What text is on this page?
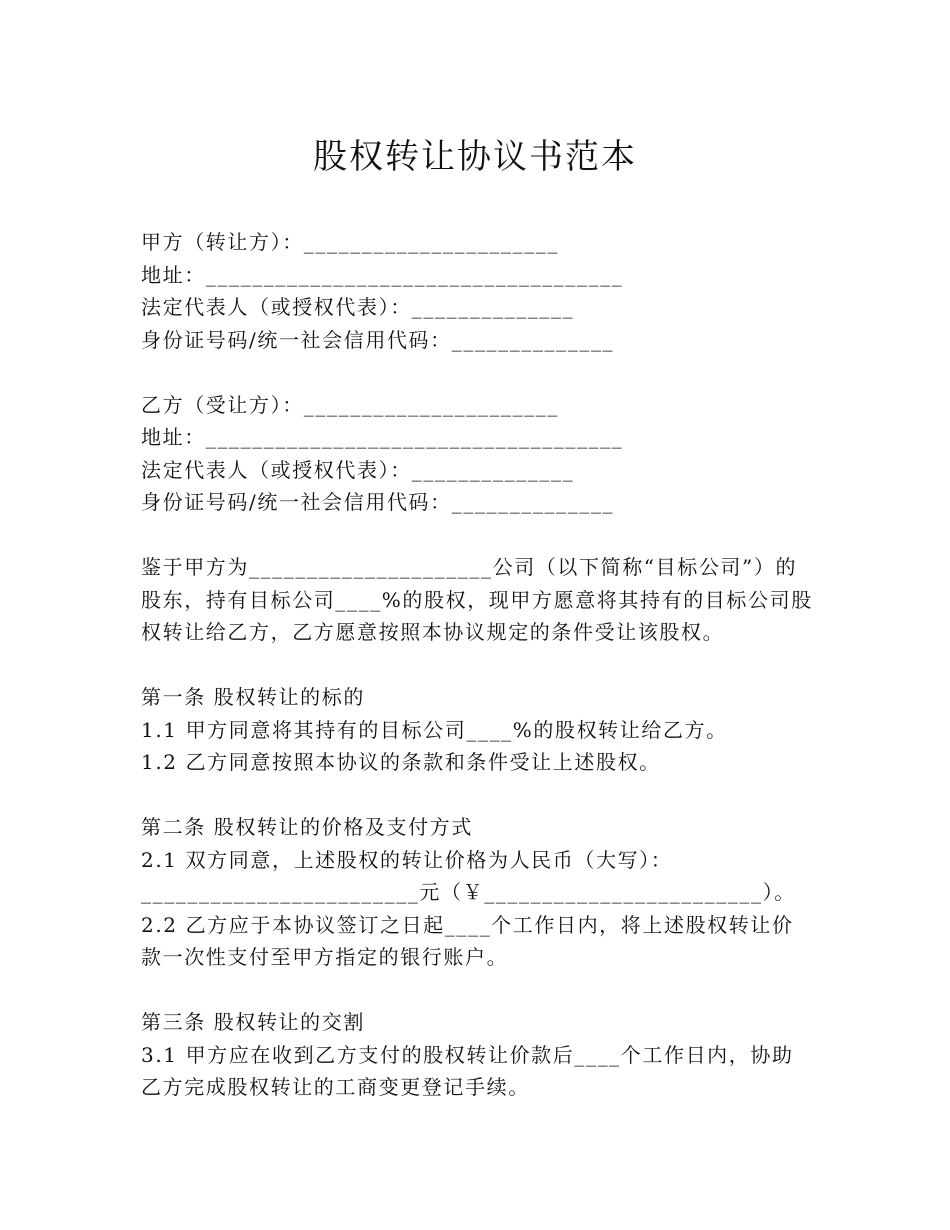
股权转让协议书范本
甲方（转让方）：______________________
地址：____________________________________
法定代表人（或授权代表）：______________
身份证号码/统一社会信用代码：______________
乙方（受让方）：______________________
地址：____________________________________
法定代表人（或授权代表）：______________
身份证号码/统一社会信用代码：______________
鉴于甲方为_____________________公司（以下简称“目标公司”）的
股东，持有目标公司____%的股权，现甲方愿意将其持有的目标公司股
权转让给乙方，乙方愿意按照本协议规定的条件受让该股权。
第一条 股权转让的标的
1.1 甲方同意将其持有的目标公司____%的股权转让给乙方。
1.2 乙方同意按照本协议的条款和条件受让上述股权。
第二条 股权转让的价格及支付方式
2.1 双方同意，上述股权的转让价格为人民币（大写）：
________________________元（￥________________________）。
2.2 乙方应于本协议签订之日起____个工作日内，将上述股权转让价
款一次性支付至甲方指定的银行账户。
第三条 股权转让的交割
3.1 甲方应在收到乙方支付的股权转让价款后____个工作日内，协助
乙方完成股权转让的工商变更登记手续。
